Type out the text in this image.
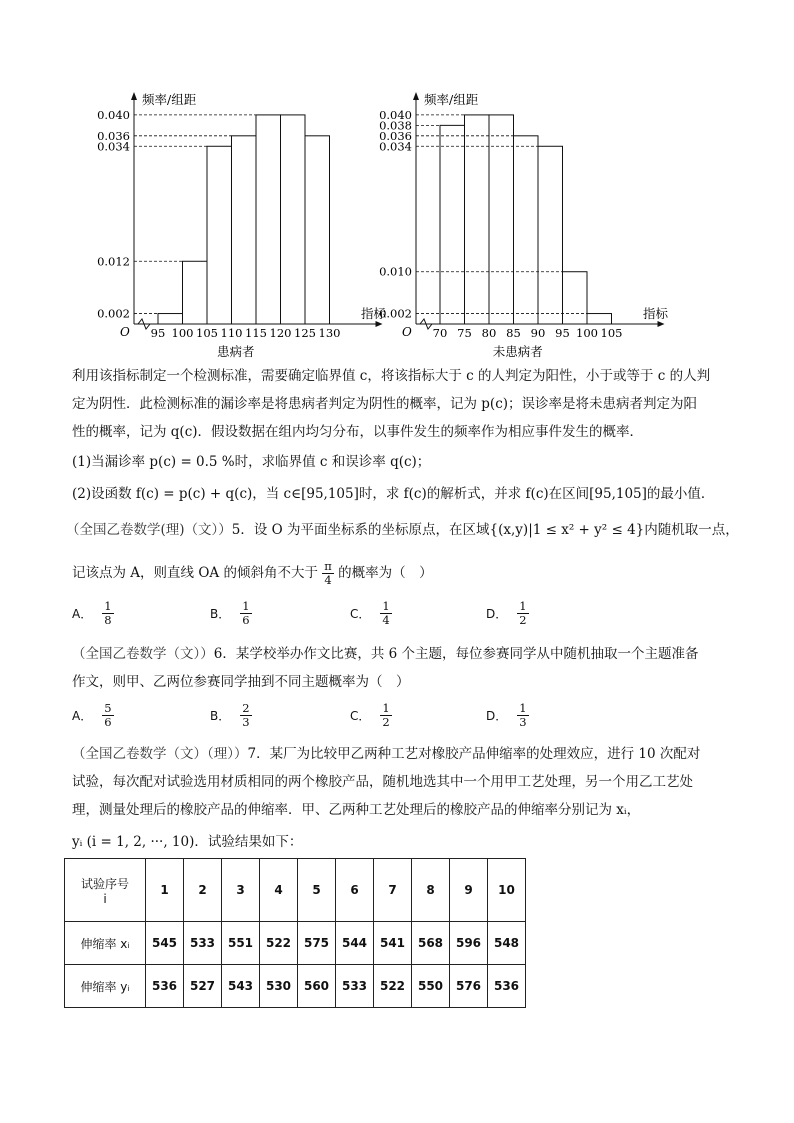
O
0.040
0.036
0.034
0.012
0.002
95 100 105 110 115 120 125 130
频率/组距
指标
患病者
O
0.040
0.038
0.036
0.034
0.010
0.002
70 75 80 85 90 95 100 105
频率/组距
指标
未患病者
利用该指标制定一个检测标准，需要确定临界值 c，将该指标大于 c 的人判定为阳性，小于或等于 c 的人判
定为阴性．此检测标准的漏诊率是将患病者判定为阴性的概率，记为 p(c)；误诊率是将未患病者判定为阳
性的概率，记为 q(c)．假设数据在组内均匀分布，以事件发生的频率作为相应事件发生的概率．
(1)当漏诊率 p(c) = 0.5 %时，求临界值 c 和误诊率 q(c)；
(2)设函数 f(c) = p(c) + q(c)，当 c∈[95,105]时，求 f(c)的解析式，并求 f(c)在区间[95,105]的最小值．
（全国乙卷数学(理)（文））5．设 O 为平面坐标系的坐标原点，在区域{(x,y)|1 ≤ x² + y² ≤ 4}内随机取一点，
记该点为 A，则直线 OA 的倾斜角不大于 $\frac{\pi}{4}$ 的概率为（　）
A． $\frac{1}{8}$	B． $\frac{1}{6}$	C． $\frac{1}{4}$	D． $\frac{1}{2}$
（全国乙卷数学（文））6．某学校举办作文比赛，共 6 个主题，每位参赛同学从中随机抽取一个主题准备
作文，则甲、乙两位参赛同学抽到不同主题概率为（　）
A． $\frac{5}{6}$	B． $\frac{2}{3}$	C． $\frac{1}{2}$	D． $\frac{1}{3}$
（全国乙卷数学（文）（理））7．某厂为比较甲乙两种工艺对橡胶产品伸缩率的处理效应，进行 10 次配对
试验，每次配对试验选用材质相同的两个橡胶产品，随机地选其中一个用甲工艺处理，另一个用乙工艺处
理，测量处理后的橡胶产品的伸缩率．甲、乙两种工艺处理后的橡胶产品的伸缩率分别记为 xᵢ，
yᵢ (i = 1, 2, ···, 10)．试验结果如下：
试验序号
i	1	2	3	4	5	6	7	8	9	10
伸缩率 xᵢ	545	533	551	522	575	544	541	568	596	548
伸缩率 yᵢ	536	527	543	530	560	533	522	550	576	536
